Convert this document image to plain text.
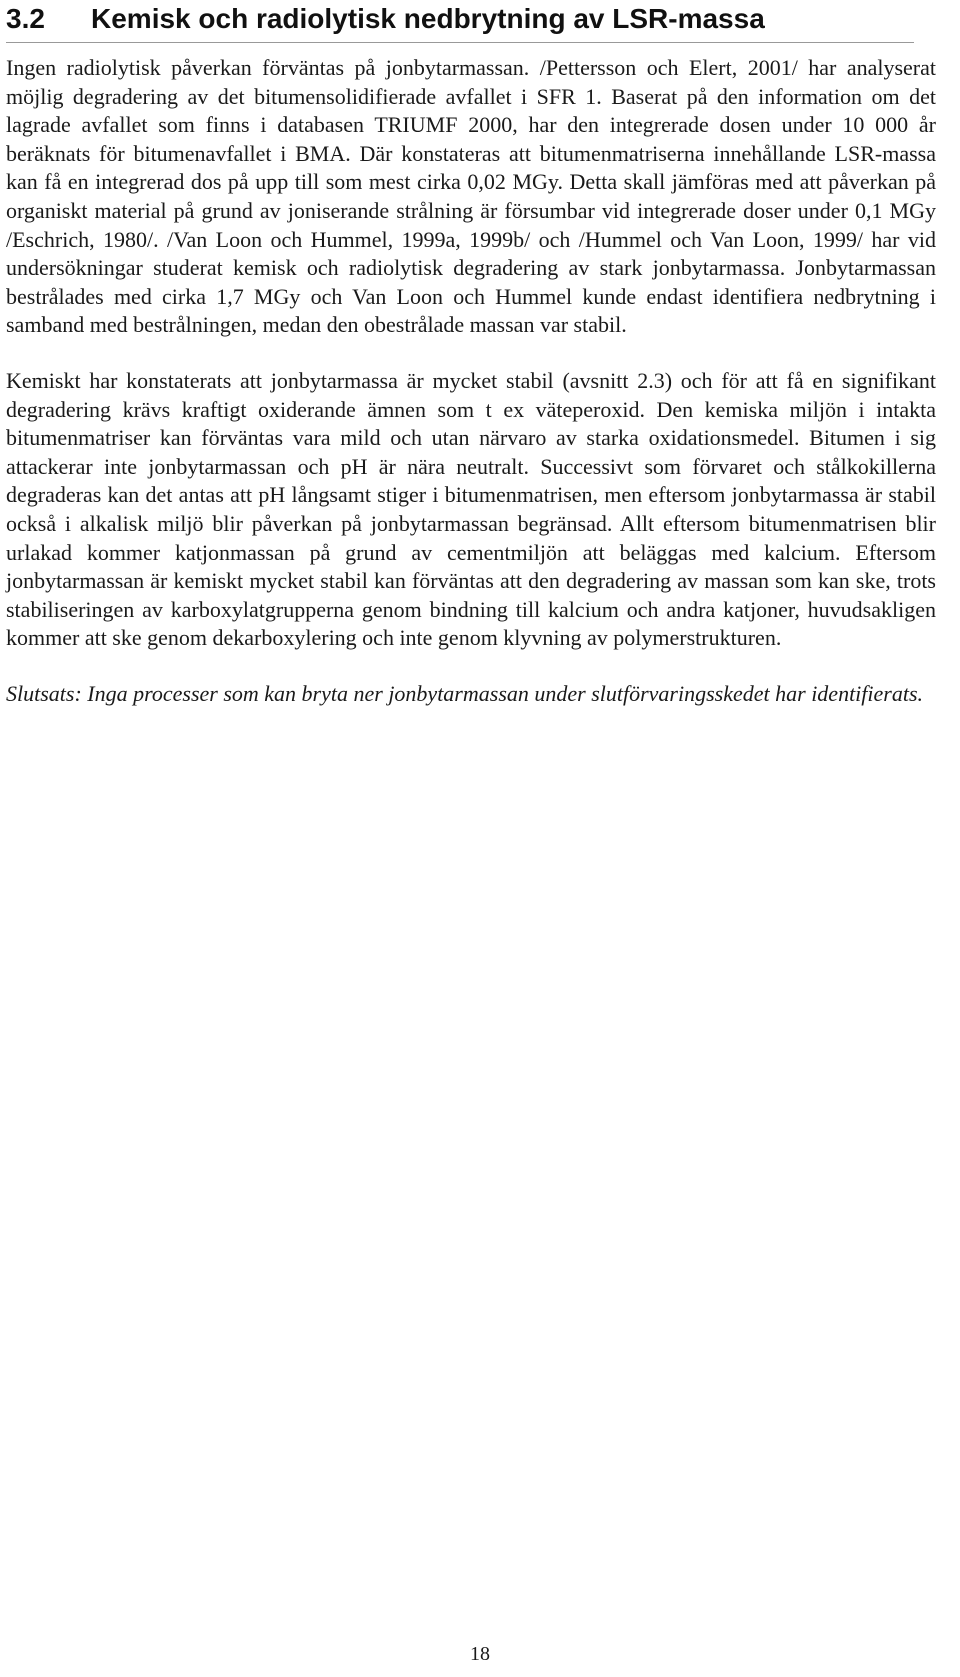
3.2 Kemisk och radiolytisk nedbrytning av LSR-massa

Ingen radiolytisk påverkan förväntas på jonbytarmassan. /Pettersson och Elert, 2001/ har analyserat möjlig degradering av det bitumensolidifierade avfallet i SFR 1. Baserat på den information om det lagrade avfallet som finns i databasen TRIUMF 2000, har den integrerade dosen under 10 000 år beräknats för bitumenavfallet i BMA. Där konstateras att bitumenmatriserna innehållande LSR-massa kan få en integrerad dos på upp till som mest cirka 0,02 MGy. Detta skall jämföras med att påverkan på organiskt material på grund av joniserande strålning är försumbar vid integrerade doser under 0,1 MGy /Eschrich, 1980/. /Van Loon och Hummel, 1999a, 1999b/ och /Hummel och Van Loon, 1999/ har vid undersökningar studerat kemisk och radiolytisk degradering av stark jonbytarmassa. Jonbytarmassan bestrålades med cirka 1,7 MGy och Van Loon och Hummel kunde endast identifiera nedbrytning i samband med bestrålningen, medan den obestrålade massan var stabil.

Kemiskt har konstaterats att jonbytarmassa är mycket stabil (avsnitt 2.3) och för att få en signifikant degradering krävs kraftigt oxiderande ämnen som t ex väteperoxid. Den kemiska miljön i intakta bitumenmatriser kan förväntas vara mild och utan närvaro av starka oxidationsmedel. Bitumen i sig attackerar inte jonbytarmassan och pH är nära neutralt. Successivt som förvaret och stålkokillerna degraderas kan det antas att pH långsamt stiger i bitumenmatrisen, men eftersom jonbytarmassa är stabil också i alkalisk miljö blir påverkan på jonbytarmassan begränsad. Allt eftersom bitumenmatrisen blir urlakad kommer katjonmassan på grund av cementmiljön att beläggas med kalcium. Eftersom jonbytarmassan är kemiskt mycket stabil kan förväntas att den degradering av massan som kan ske, trots stabiliseringen av karboxylatgrupperna genom bindning till kalcium och andra katjoner, huvudsakligen kommer att ske genom dekarboxylering och inte genom klyvning av polymerstrukturen.

Slutsats: Inga processer som kan bryta ner jonbytarmassan under slutförvaringsskedet har identifierats.

18
